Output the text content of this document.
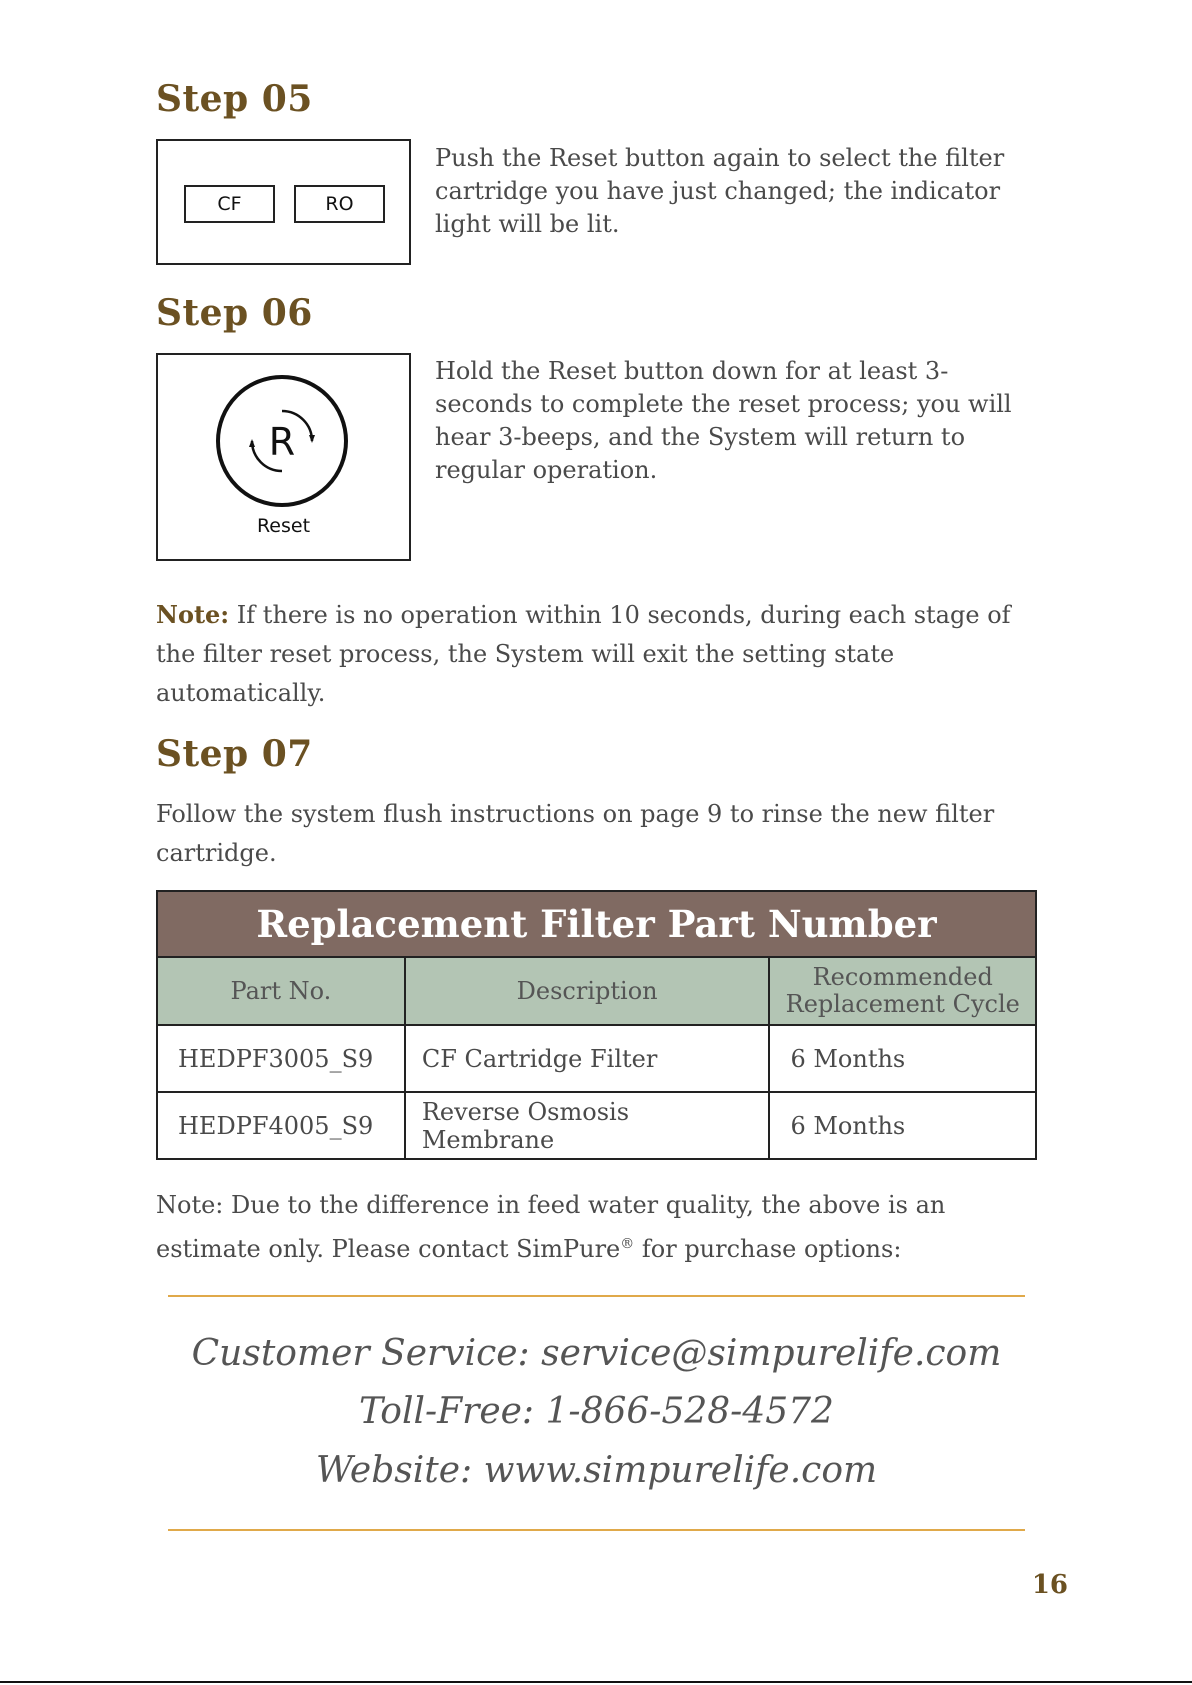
Step 05
CF	RO
Push the Reset button again to select the filter cartridge you have just changed; the indicator light will be lit.
Step 06
R
Reset
Hold the Reset button down for at least 3-seconds to complete the reset process; you will hear 3-beeps, and the System will return to regular operation.
Note: If there is no operation within 10 seconds, during each stage of the filter reset process, the System will exit the setting state automatically.
Step 07
Follow the system flush instructions on page 9 to rinse the new filter cartridge.
Replacement Filter Part Number		
Part No.	Description	Recommended Replacement Cycle
HEDPF3005_S9	CF Cartridge Filter	6 Months
HEDPF4005_S9	Reverse Osmosis Membrane	6 Months
Note: Due to the difference in feed water quality, the above is an estimate only. Please contact SimPure® for purchase options:
Customer Service: service@simpurelife.com
Toll-Free: 1-866-528-4572
Website: www.simpurelife.com
16
